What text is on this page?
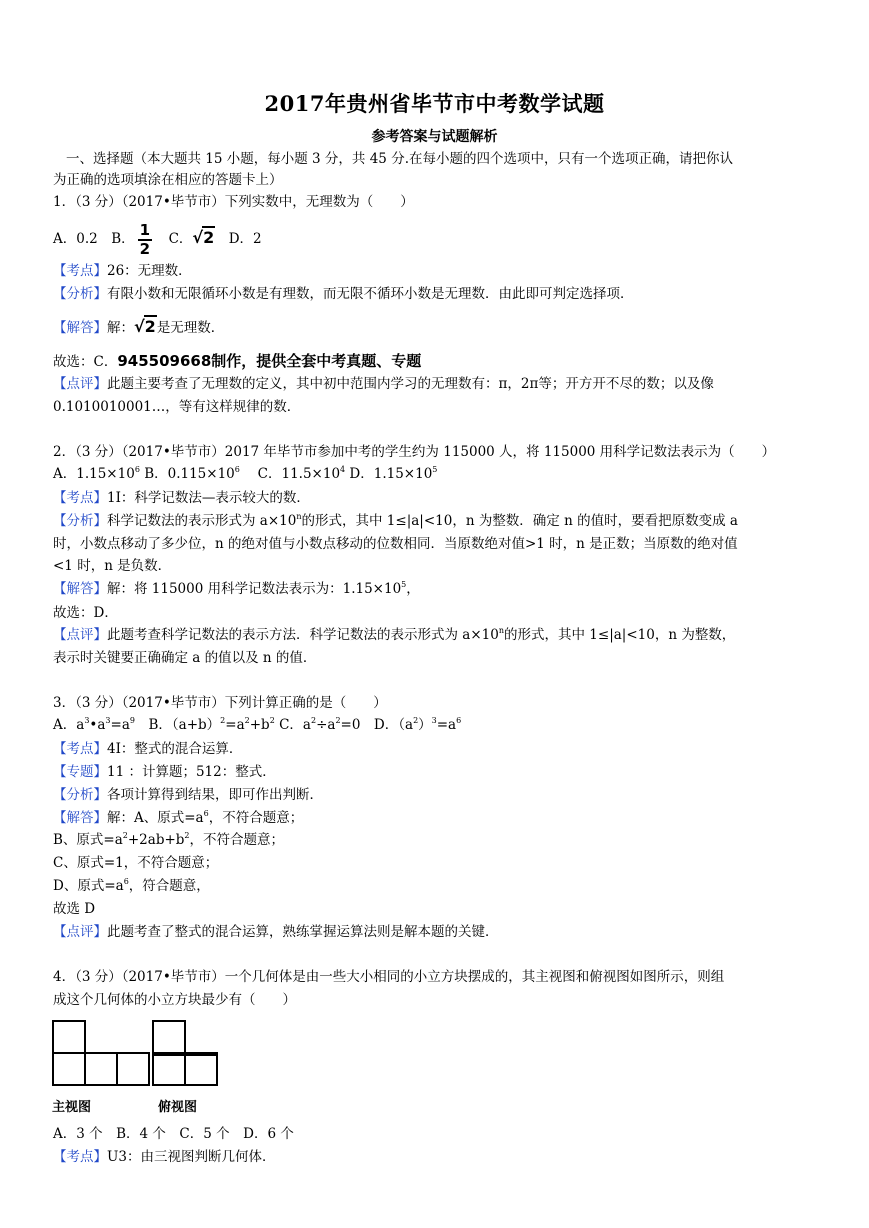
2017年贵州省毕节市中考数学试题
参考答案与试题解析
一、选择题（本大题共 15 小题，每小题 3 分，共 45 分.在每小题的四个选项中，只有一个选项正确，请把你认
为正确的选项填涂在相应的答题卡上）
1．（3 分）（2017•毕节市）下列实数中，无理数为（　　）
A．0.2　B． $\frac{1}{2}$ 　C．√2　D．2
【考点】26：无理数．
【分析】有限小数和无限循环小数是有理数，而无限不循环小数是无理数．由此即可判定选择项．
【解答】解：√2是无理数．
故选：C．945509668制作，提供全套中考真题、专题
【点评】此题主要考查了无理数的定义，其中初中范围内学习的无理数有：π，2π等；开方开不尽的数；以及像
0.1010010001…，等有这样规律的数．
2．（3 分）（2017•毕节市）2017 年毕节市参加中考的学生约为 115000 人，将 115000 用科学记数法表示为（　　）
A．$1.15\times 10^6$ B．$0.115\times 10^6$　 C．$11.5\times 10^4$ D．$1.15\times 10^5$
【考点】1I：科学记数法—表示较大的数．
【分析】科学记数法的表示形式为 $a\times 10^n$的形式，其中 1≤|a|<10，n 为整数．确定 n 的值时，要看把原数变成 a
时，小数点移动了多少位，n 的绝对值与小数点移动的位数相同．当原数绝对值>1 时，n 是正数；当原数的绝对值
<1 时，n 是负数．
【解答】解：将 115000 用科学记数法表示为：$1.15\times 10^5$，
故选：D．
【点评】此题考查科学记数法的表示方法．科学记数法的表示形式为 $a\times 10^n$的形式，其中 1≤|a|<10，n 为整数，
表示时关键要正确确定 a 的值以及 n 的值．
3．（3 分）（2017•毕节市）下列计算正确的是（　　）
A．$a^3•a^3=a^9$　B．$(a+b)^2=a^2+b^2$ C．$a^2\div a^2=0$　D．$(a^2)^3=a^6$
【考点】4I：整式的混合运算．
【专题】11 ：计算题；512：整式．
【分析】各项计算得到结果，即可作出判断．
【解答】解：A、原式$=a^6$，不符合题意；
B、原式$=a^2+2ab+b^2$，不符合题意；
C、原式=1，不符合题意；
D、原式$=a^6$，符合题意，
故选 D
【点评】此题考查了整式的混合运算，熟练掌握运算法则是解本题的关键．
4．（3 分）（2017•毕节市）一个几何体是由一些大小相同的小立方块摆成的，其主视图和俯视图如图所示，则组
成这个几何体的小立方块最少有（　　）
主视图	俯视图
A．3 个　B．4 个　C．5 个　D．6 个
【考点】U3：由三视图判断几何体．
